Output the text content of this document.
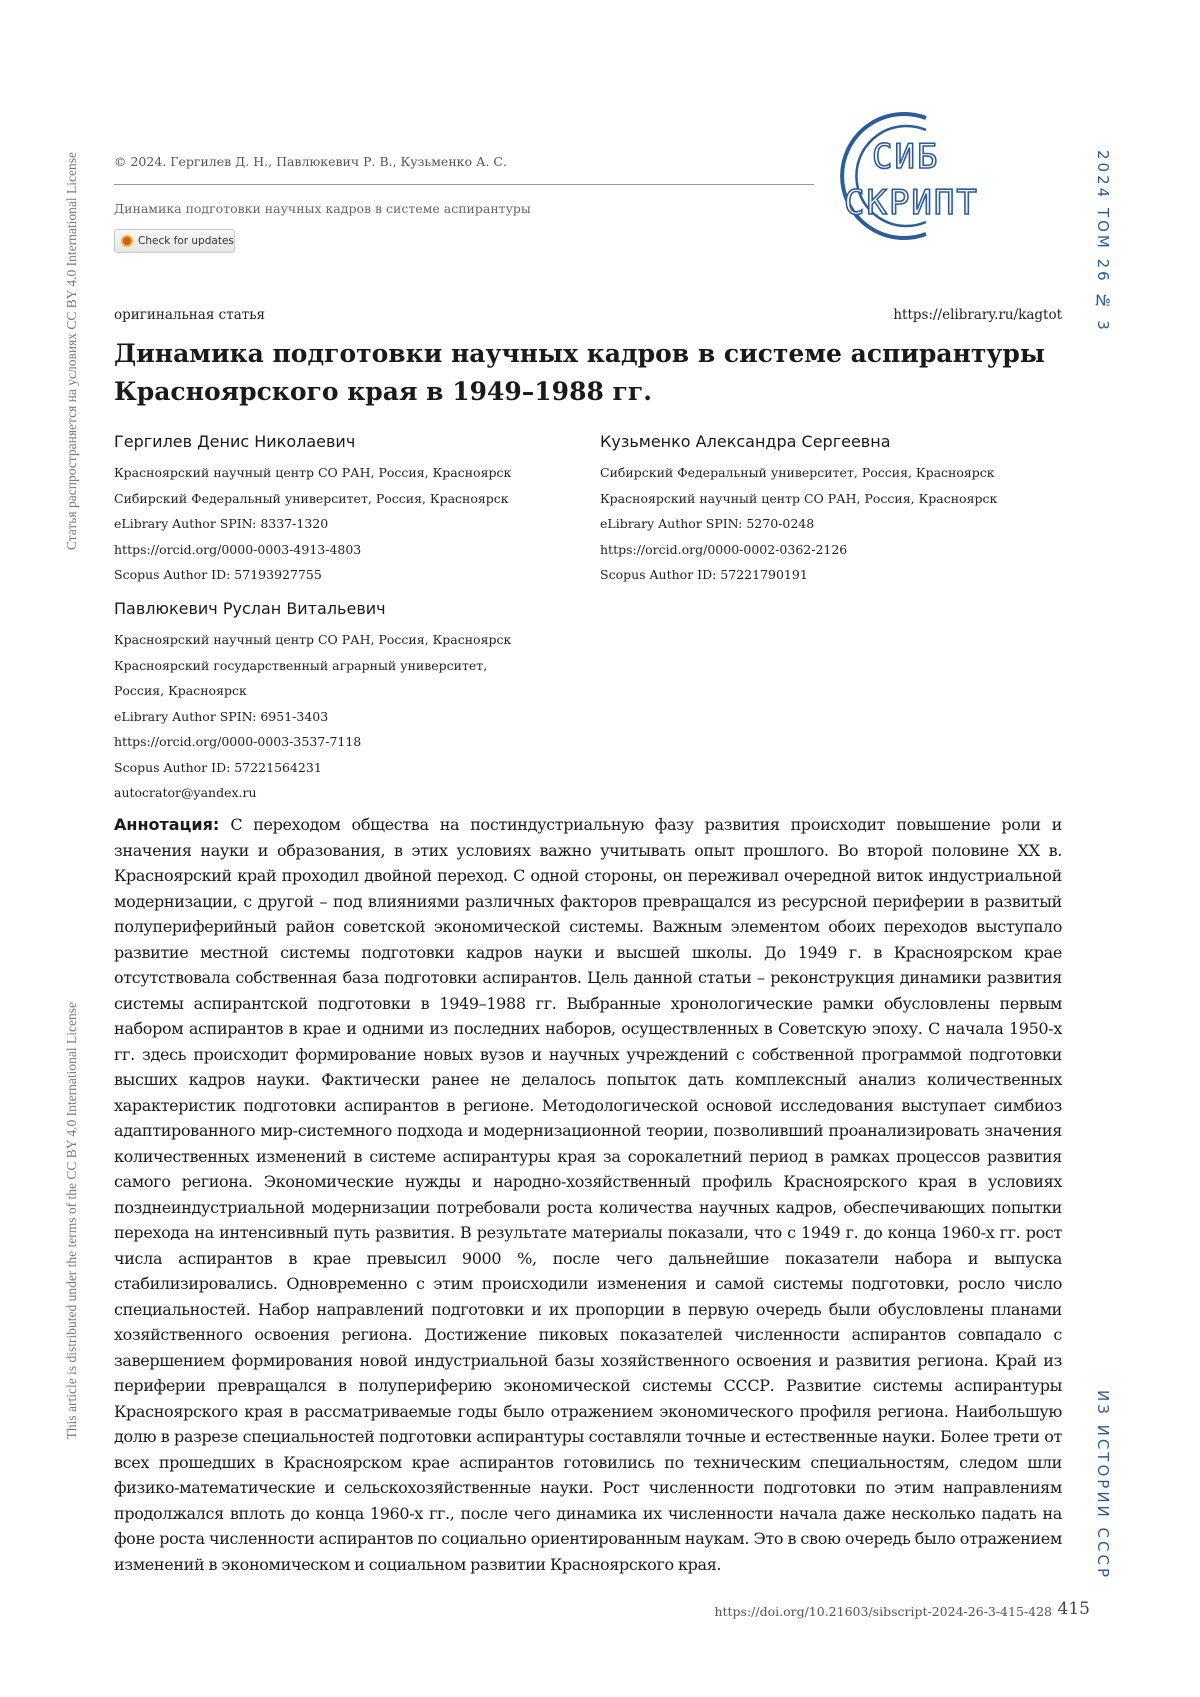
Статья распространяется на условиях CC BY 4.0 International License
This article is distributed under the terms of the CC BY 4.0 International License
2024 ТОМ 26 № 3
ИЗ ИСТОРИИ СССР
© 2024. Гергилев Д. Н., Павлюкевич Р. В., Кузьменко А. С.
Динамика подготовки научных кадров в системе аспирантуры
Check for updates
СИБ
СКРИПТ
оригинальная статья	https://elibrary.ru/kagtot
Динамика подготовки научных кадров в системе аспирантуры
Красноярского края в 1949–1988 гг.
Гергилев Денис Николаевич
Красноярский научный центр СО РАН, Россия, Красноярск
Сибирский Федеральный университет, Россия, Красноярск
eLibrary Author SPIN: 8337-1320
https://orcid.org/0000-0003-4913-4803
Scopus Author ID: 57193927755
Кузьменко Александра Сергеевна
Сибирский Федеральный университет, Россия, Красноярск
Красноярский научный центр СО РАН, Россия, Красноярск
eLibrary Author SPIN: 5270-0248
https://orcid.org/0000-0002-0362-2126
Scopus Author ID: 57221790191
Павлюкевич Руслан Витальевич
Красноярский научный центр СО РАН, Россия, Красноярск
Красноярский государственный аграрный университет,
Россия, Красноярск
eLibrary Author SPIN: 6951-3403
https://orcid.org/0000-0003-3537-7118
Scopus Author ID: 57221564231
autocrator@yandex.ru
Аннотация: С переходом общества на постиндустриальную фазу развития происходит повышение роли и значения науки и образования, в этих условиях важно учитывать опыт прошлого. Во второй половине XX в. Красноярский край проходил двойной переход. С одной стороны, он переживал очередной виток индустриальной модернизации, с другой – под влияниями различных факторов превращался из ресурсной периферии в развитый полупериферийный район советской экономической системы. Важным элементом обоих переходов выступало развитие местной системы подготовки кадров науки и высшей школы. До 1949 г. в Красноярском крае отсутствовала собственная база подготовки аспирантов. Цель данной статьи – реконструкция динамики развития системы аспирантской подготовки в 1949–1988 гг. Выбранные хронологические рамки обусловлены первым набором аспирантов в крае и одними из последних наборов, осуществленных в Советскую эпоху. С начала 1950-х гг. здесь происходит формирование новых вузов и научных учреждений с собственной программой подготовки высших кадров науки. Фактически ранее не делалось попыток дать комплексный анализ количественных характеристик подготовки аспирантов в регионе. Методологической основой исследования выступает симбиоз адаптированного мир-системного подхода и модернизационной теории, позволивший проанализировать значения количественных изменений в системе аспирантуры края за сорокалетний период в рамках процессов развития самого региона. Экономические нужды и народно-хозяйственный профиль Красноярского края в условиях позднеиндустриальной модернизации потребовали роста количества научных кадров, обеспечивающих попытки перехода на интенсивный путь развития. В результате материалы показали, что с 1949 г. до конца 1960-х гг. рост числа аспирантов в крае превысил 9000 %, после чего дальнейшие показатели набора и выпуска стабилизировались. Одновременно с этим происходили изменения и самой системы подготовки, росло число специальностей. Набор направлений подготовки и их пропорции в первую очередь были обусловлены планами хозяйственного освоения региона. Достижение пиковых показателей численности аспирантов совпадало с завершением формирования новой индустриальной базы хозяйственного освоения и развития региона. Край из периферии превращался в полупериферию экономической системы СССР. Развитие системы аспирантуры Красноярского края в рассматриваемые годы было отражением экономического профиля региона. Наибольшую долю в разрезе специальностей подготовки аспирантуры составляли точные и естественные науки. Более трети от всех прошедших в Красноярском крае аспирантов готовились по техническим специальностям, следом шли физико-математические и сельскохозяйственные науки. Рост численности подготовки по этим направлениям продолжался вплоть до конца 1960-х гг., после чего динамика их численности начала даже несколько падать на фоне роста численности аспирантов по социально ориентированным наукам. Это в свою очередь было отражением изменений в экономическом и социальном развитии Красноярского края.
https://doi.org/10.21603/sibscript-2024-26-3-415-428 415
